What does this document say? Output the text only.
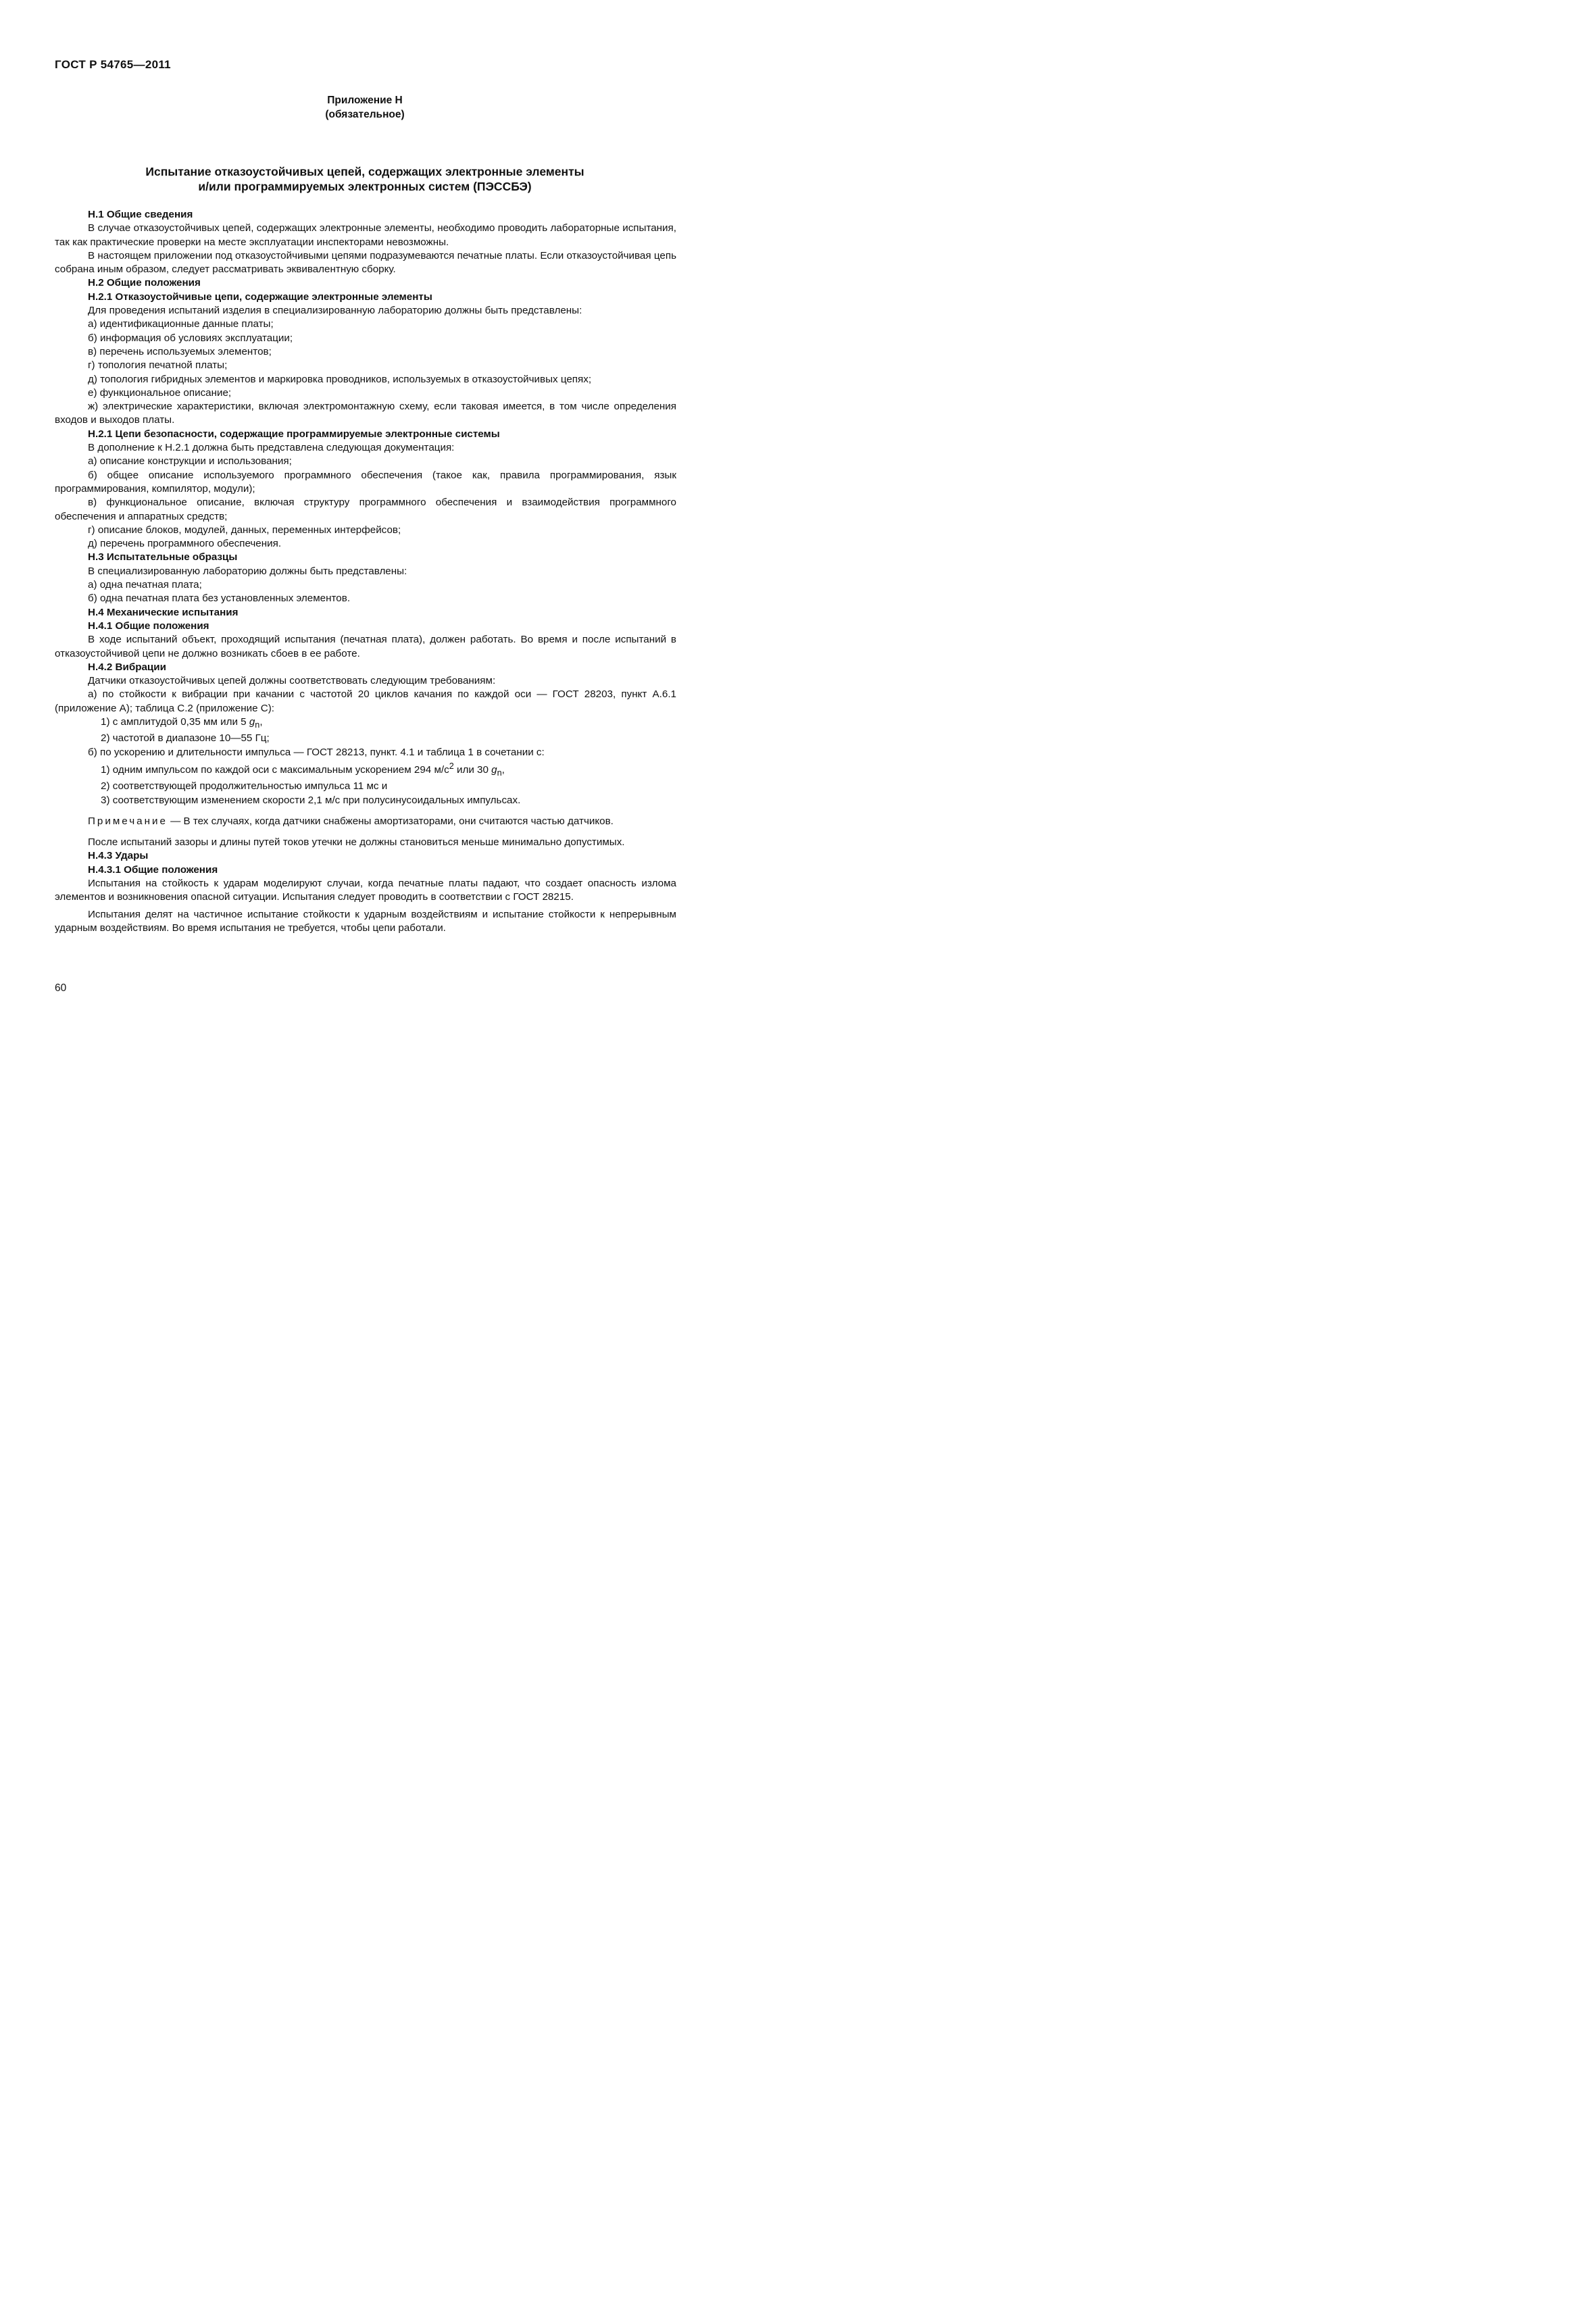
ГОСТ Р 54765—2011
Приложение Н
(обязательное)
Испытание отказоустойчивых цепей, содержащих электронные элементы
и/или программируемых электронных систем (ПЭССБЭ)

Н.1 Общие сведения

В случае отказоустойчивых цепей, содержащих электронные элементы, необходимо проводить лабораторные испытания, так как практические проверки на месте эксплуатации инспекторами невозможны.

В настоящем приложении под отказоустойчивыми цепями подразумеваются печатные платы. Если отказоустойчивая цепь собрана иным образом, следует рассматривать эквивалентную сборку.

Н.2 Общие положения

Н.2.1 Отказоустойчивые цепи, содержащие электронные элементы

Для проведения испытаний изделия в специализированную лабораторию должны быть представлены:

а) идентификационные данные платы;

б) информация об условиях эксплуатации;

в) перечень используемых элементов;

г) топология печатной платы;

д) топология гибридных элементов и маркировка проводников, используемых в отказоустойчивых цепях;

е) функциональное описание;

ж) электрические характеристики, включая электромонтажную схему, если таковая имеется, в том числе определения входов и выходов платы.

Н.2.1 Цепи безопасности, содержащие программируемые электронные системы

В дополнение к Н.2.1 должна быть представлена следующая документация:

а) описание конструкции и использования;

б) общее описание используемого программного обеспечения (такое как, правила программирования, язык программирования, компилятор, модули);

в) функциональное описание, включая структуру программного обеспечения и взаимодействия программного обеспечения и аппаратных средств;

г) описание блоков, модулей, данных, переменных интерфейсов;

д) перечень программного обеспечения.

Н.3 Испытательные образцы

В специализированную лабораторию должны быть представлены:

а) одна печатная плата;

б) одна печатная плата без установленных элементов.

Н.4 Механические испытания

Н.4.1 Общие положения

В ходе испытаний объект, проходящий испытания (печатная плата), должен работать. Во время и после испытаний в отказоустойчивой цепи не должно возникать сбоев в ее работе.

Н.4.2 Вибрации

Датчики отказоустойчивых цепей должны соответствовать следующим требованиям:

а) по стойкости к вибрации при качании с частотой 20 циклов качания по каждой оси — ГОСТ 28203, пункт А.6.1 (приложение А); таблица С.2 (приложение С):

1) с амплитудой 0,35 мм или 5 $g_n$,

2) частотой в диапазоне 10—55 Гц;

б) по ускорению и длительности импульса — ГОСТ 28213, пункт. 4.1 и таблица 1 в сочетании с:

1) одним импульсом по каждой оси с максимальным ускорением 294 $м/с^2$ или 30 $g_n$,

2) соответствующей продолжительностью импульса 11 мс и

3) соответствующим изменением скорости 2,1 м/с при полусинусоидальных импульсах.

Примечание — В тех случаях, когда датчики снабжены амортизаторами, они считаются частью датчиков.

После испытаний зазоры и длины путей токов утечки не должны становиться меньше минимально допустимых.

Н.4.3 Удары

Н.4.3.1 Общие положения

Испытания на стойкость к ударам моделируют случаи, когда печатные платы падают, что создает опасность излома элементов и возникновения опасной ситуации. Испытания следует проводить в соответствии с ГОСТ 28215.

Испытания делят на частичное испытание стойкости к ударным воздействиям и испытание стойкости к непрерывным ударным воздействиям. Во время испытания не требуется, чтобы цепи работали.

60
